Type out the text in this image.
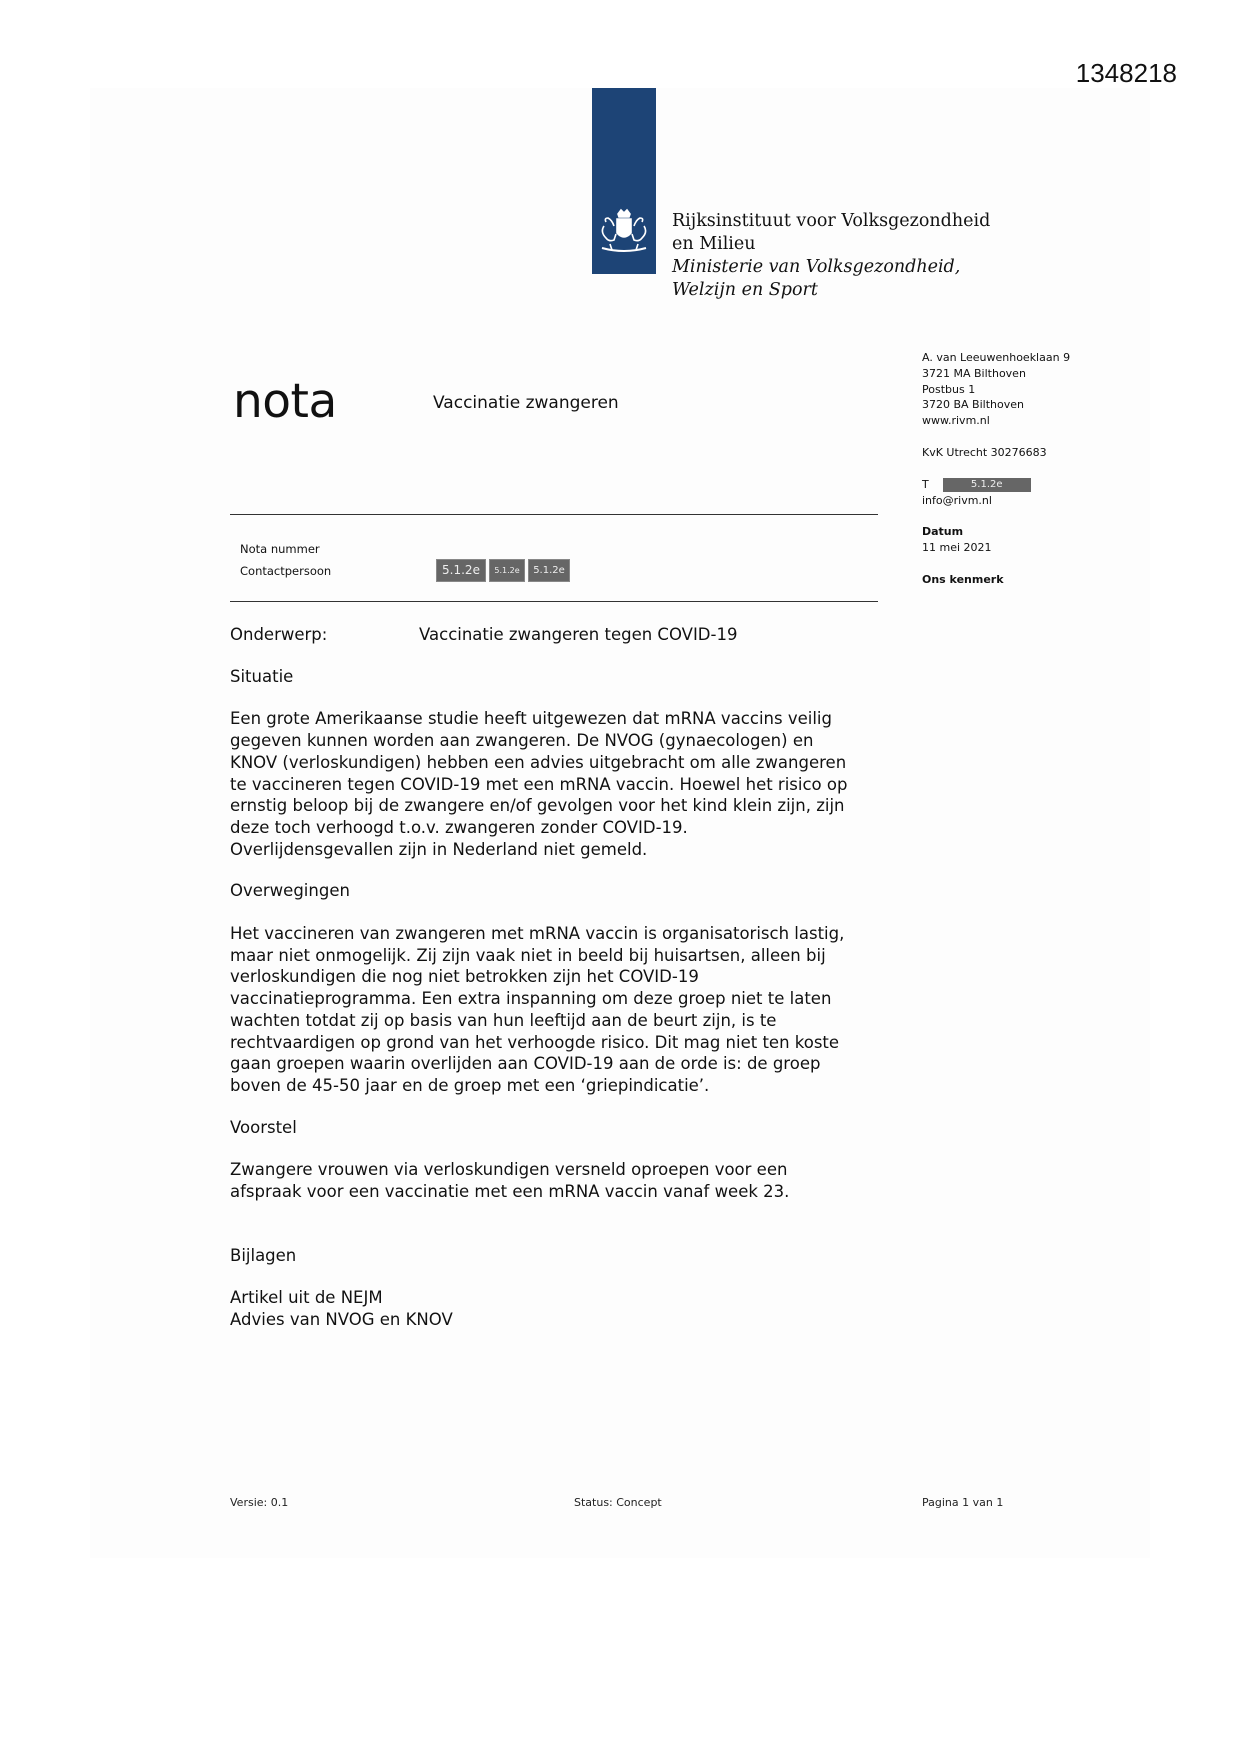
1348218
Rijksinstituut voor Volksgezondheid
en Milieu
Ministerie van Volksgezondheid,
Welzijn en Sport
nota	Vaccinatie zwangeren
A. van Leeuwenhoeklaan 9
3721 MA Bilthoven
Postbus 1
3720 BA Bilthoven
www.rivm.nl
KvK Utrecht 30276683
T	5.1.2e
info@rivm.nl
Datum
11 mei 2021
Ons kenmerk
Nota nummer
Contactpersoon	5.1.2e	5.1.2e	5.1.2e
Onderwerp:	Vaccinatie zwangeren tegen COVID-19
Situatie

Een grote Amerikaanse studie heeft uitgewezen dat mRNA vaccins veilig
gegeven kunnen worden aan zwangeren. De NVOG (gynaecologen) en
KNOV (verloskundigen) hebben een advies uitgebracht om alle zwangeren
te vaccineren tegen COVID-19 met een mRNA vaccin. Hoewel het risico op
ernstig beloop bij de zwangere en/of gevolgen voor het kind klein zijn, zijn
deze toch verhoogd t.o.v. zwangeren zonder COVID-19.
Overlijdensgevallen zijn in Nederland niet gemeld.

Overwegingen

Het vaccineren van zwangeren met mRNA vaccin is organisatorisch lastig,
maar niet onmogelijk. Zij zijn vaak niet in beeld bij huisartsen, alleen bij
verloskundigen die nog niet betrokken zijn het COVID-19
vaccinatieprogramma. Een extra inspanning om deze groep niet te laten
wachten totdat zij op basis van hun leeftijd aan de beurt zijn, is te
rechtvaardigen op grond van het verhoogde risico. Dit mag niet ten koste
gaan groepen waarin overlijden aan COVID-19 aan de orde is: de groep
boven de 45-50 jaar en de groep met een ‘griepindicatie’.

Voorstel

Zwangere vrouwen via verloskundigen versneld oproepen voor een
afspraak voor een vaccinatie met een mRNA vaccin vanaf week 23.

Bijlagen
Artikel uit de NEJM
Advies van NVOG en KNOV
Versie: 0.1	Status: Concept	Pagina 1 van 1
